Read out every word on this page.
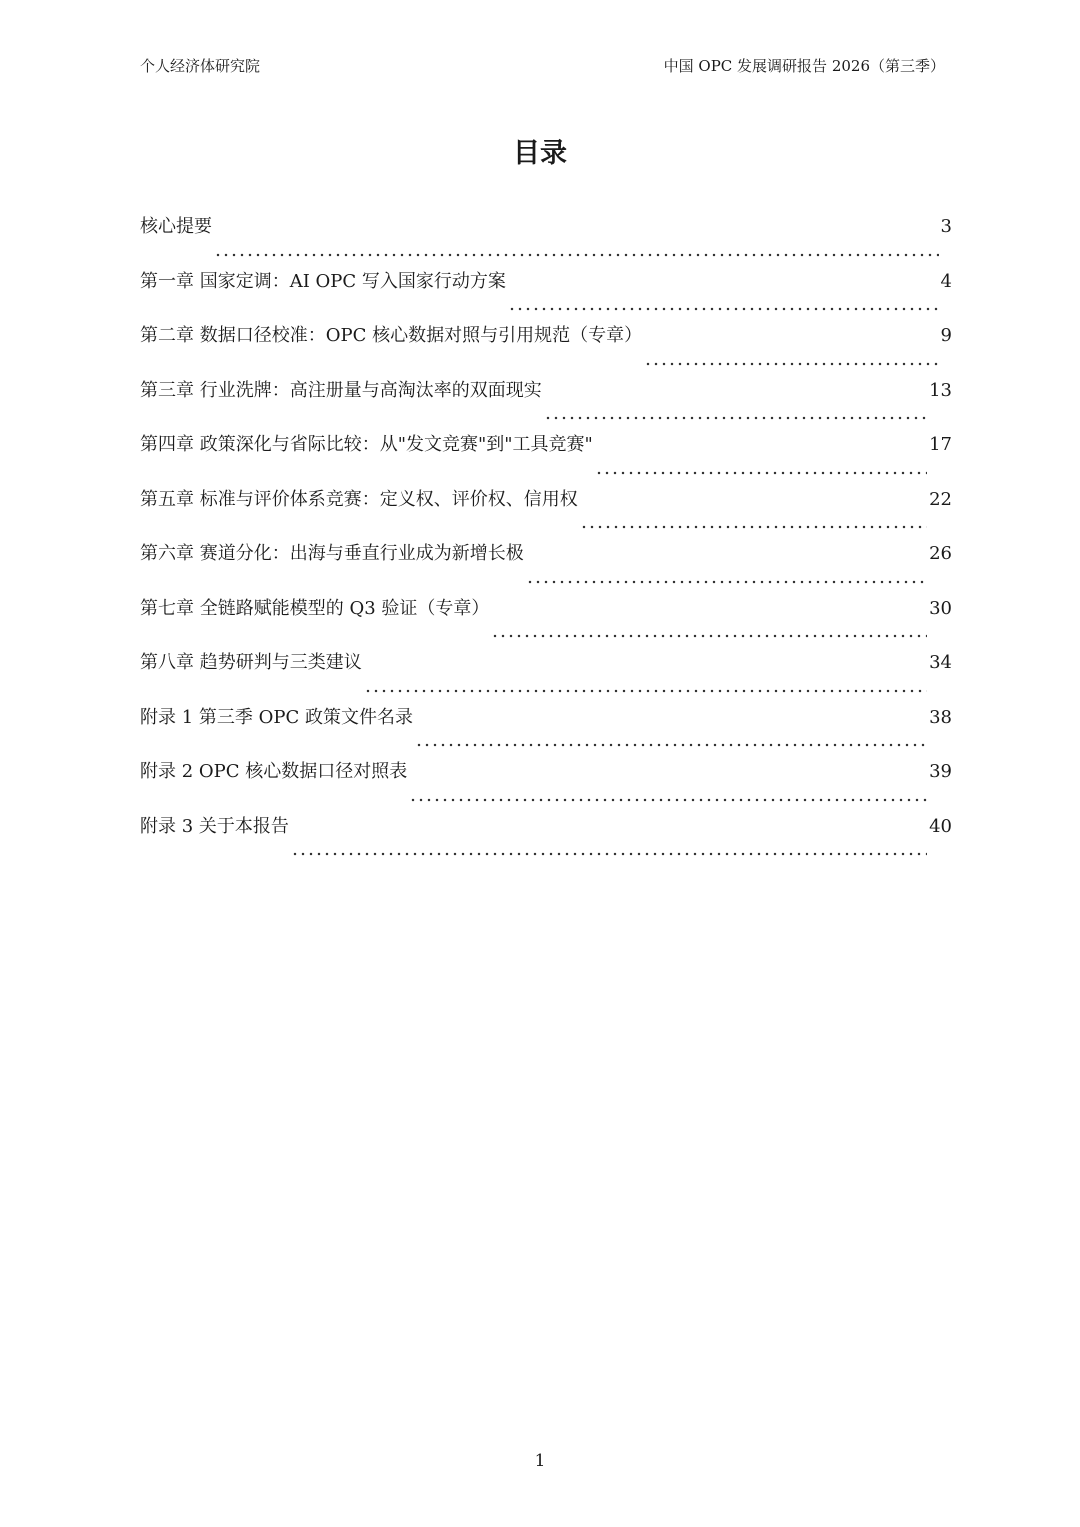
个人经济体研究院	中国 OPC 发展调研报告 2026（第三季）
目录
核心提要	3
第一章 国家定调：AI OPC 写入国家行动方案	4
第二章 数据口径校准：OPC 核心数据对照与引用规范（专章）	9
第三章 行业洗牌：高注册量与高淘汰率的双面现实	13
第四章 政策深化与省际比较：从"发文竞赛"到"工具竞赛"	17
第五章 标准与评价体系竞赛：定义权、评价权、信用权	22
第六章 赛道分化：出海与垂直行业成为新增长极	26
第七章 全链路赋能模型的 Q3 验证（专章）	30
第八章 趋势研判与三类建议	34
附录 1 第三季 OPC 政策文件名录	38
附录 2 OPC 核心数据口径对照表	39
附录 3 关于本报告	40
1
